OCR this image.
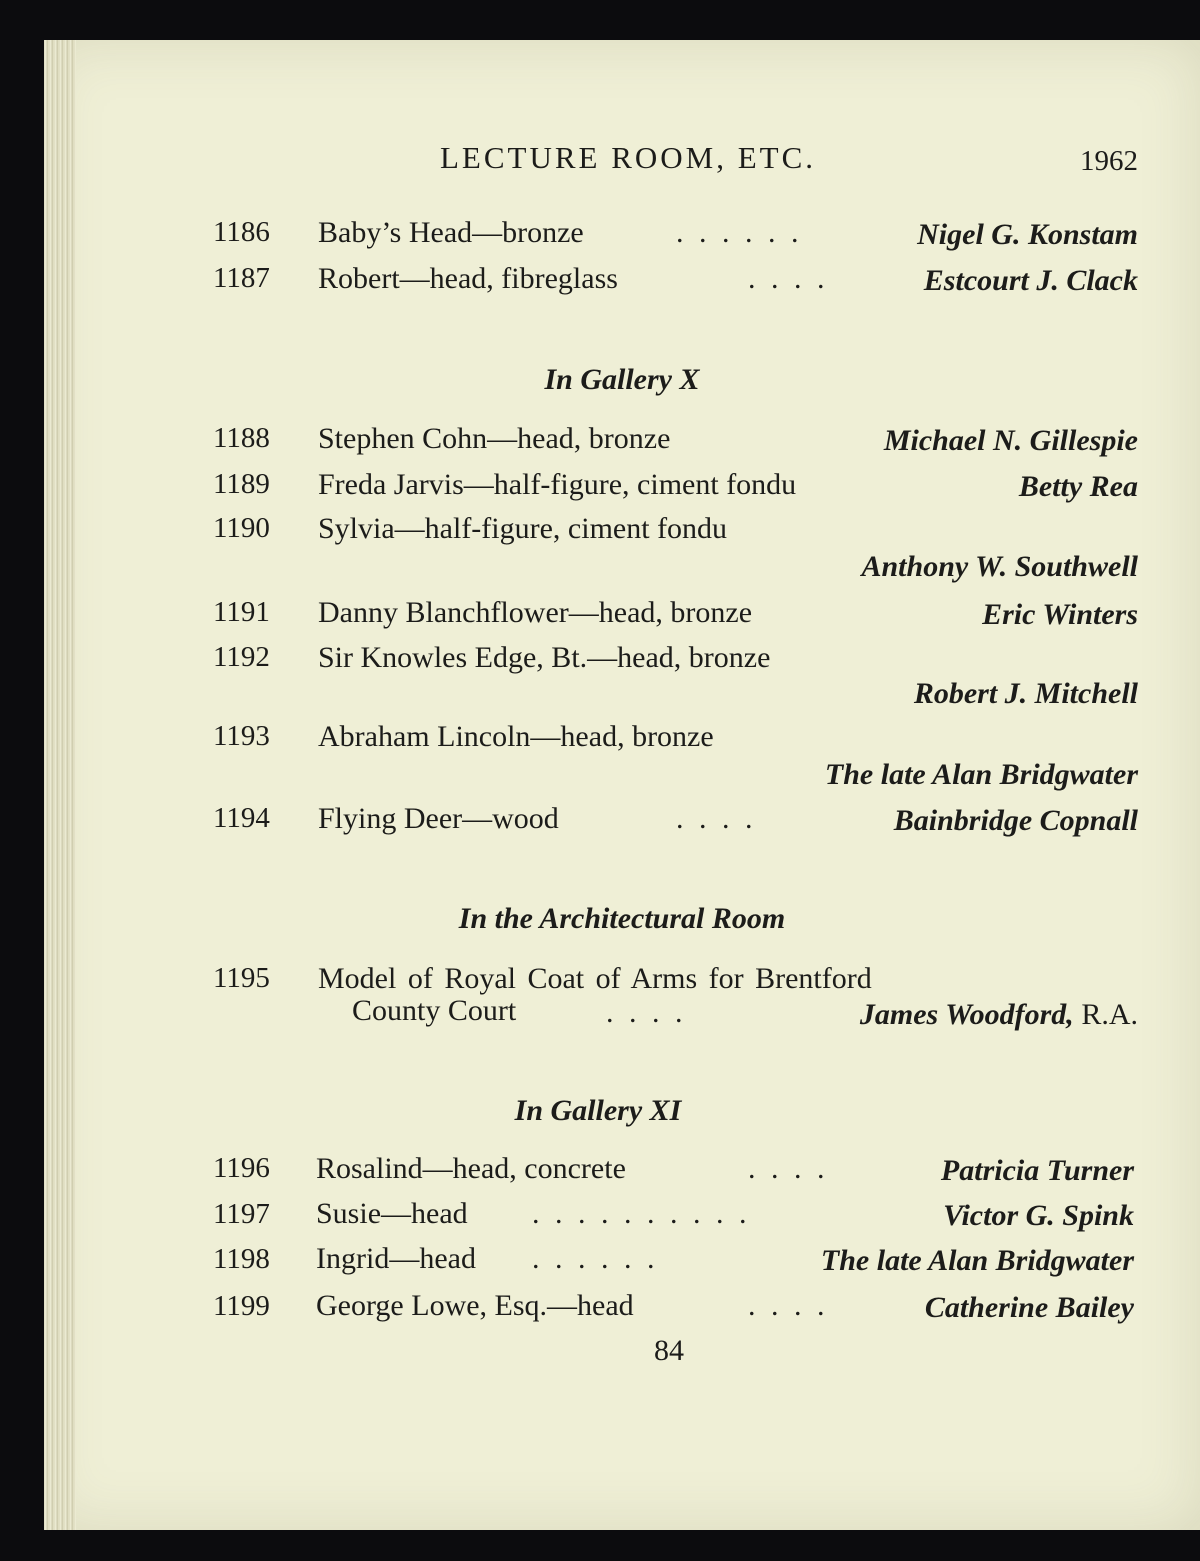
LECTURE ROOM, ETC.	1962
1186 Baby’s Head—bronze	. . . . . .	Nigel G. Konstam
1187 Robert—head, fibreglass	. . . .	Estcourt J. Clack
In Gallery X
1188 Stephen Cohn—head, bronze	Michael N. Gillespie
1189 Freda Jarvis—half-figure, ciment fondu	Betty Rea
1190 Sylvia—half-figure, ciment fondu
Anthony W. Southwell
1191 Danny Blanchflower—head, bronze	Eric Winters
1192 Sir Knowles Edge, Bt.—head, bronze
Robert J. Mitchell
1193 Abraham Lincoln—head, bronze
The late Alan Bridgwater
1194 Flying Deer—wood	. . . .	Bainbridge Copnall
In the Architectural Room
1195 Model of Royal Coat of Arms for Brentford
County Court	. . . .	James Woodford, R.A.
In Gallery XI
1196 Rosalind—head, concrete	. . . .	Patricia Turner
1197 Susie—head . . . . . . . . . .	Victor G. Spink
1198 Ingrid—head . . . . . .	The late Alan Bridgwater
1199 George Lowe, Esq.—head	. . . .	Catherine Bailey
84
